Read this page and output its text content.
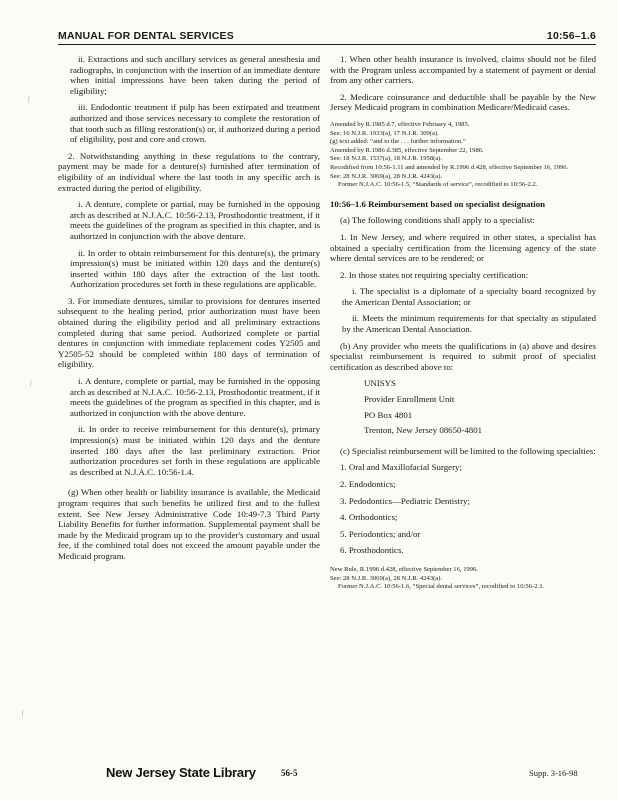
MANUAL FOR DENTAL SERVICES	10:56–1.6

ii. Extractions and such ancillary services as general anesthesia and radiographs, in conjunction with the insertion of an immediate denture when initial impressions have been taken during the period of eligibility;

iii. Endodontic treatment if pulp has been extirpated and treatment authorized and those services necessary to complete the restoration of that tooth such as filling restoration(s) or, if authorized during a period of eligibility, post and core and crown.

2. Notwithstanding anything in these regulations to the contrary, payment may be made for a denture(s) furnished after termination of eligibility of an individual where the last tooth in any specific arch is extracted during the period of eligibility.

i. A denture, complete or partial, may be furnished in the opposing arch as described at N.J.A.C. 10:56-2.13, Prosthodontic treatment, if it meets the guidelines of the program as specified in this chapter, and is authorized in conjunction with the above denture.

ii. In order to obtain reimbursement for this denture(s), the primary impression(s) must be initiated within 120 days and the denture(s) inserted within 180 days after the extraction of the last tooth. Authorization procedures set forth in these regulations are applicable.

3. For immediate dentures, similar to provisions for dentures inserted subsequent to the healing period, prior authorization must have been obtained during the eligibility period and all preliminary extractions completed during that same period. Authorized complete or partial dentures in conjunction with immediate replacement codes Y2505 and Y2505-52 should be completed within 180 days of termination of eligibility.

i. A denture, complete or partial, may be furnished in the opposing arch as described at N.J.A.C. 10:56-2.13, Prosthodontic treatment, if it meets the guidelines of the program as specified in this chapter, and is authorized in conjunction with the above denture.

ii. In order to receive reimbursement for this denture(s), primary impression(s) must be initiated within 120 days and the denture inserted 180 days after the last preliminary extraction. Prior authorization procedures set forth in these regulations are applicable as described at N.J.A.C. 10:56-1.4.

(g) When other health or liability insurance is available, the Medicaid program requires that such benefits be utilized first and to the fullest extent. See New Jersey Administrative Code 10:49-7.3 Third Party Liability Benefits for further information. Supplemental payment shall be made by the Medicaid program up to the provider's customary and usual fee, if the combined total does not exceed the amount payable under the Medicaid program.

1. When other health insurance is involved, claims should not be filed with the Program unless accompanied by a statement of payment or denial from any other carriers.

2. Medicare coinsurance and deductible shall be payable by the New Jersey Medicaid program in combination Medicare/Medicaid cases.

Amended by R.1985 d.7, effective February 4, 1985.

See: 16 N.J.R. 1933(a), 17 N.J.R. 309(a).

(g) text added: “and to the . . . further information.”

Amended by R.1986 d.385, effective September 22, 1986.

See: 18 N.J.R. 1537(a), 18 N.J.R. 1958(a).

Recodified from 10:56-1.11 and amended by R.1996 d.428, effective September 16, 1996.

See: 28 N.J.R. 3069(a), 28 N.J.R. 4243(a).

Former N.J.A.C. 10:56-1.5, “Standards of service”, recodified to 10:56-2.2.

10:56–1.6 Reimbursement based on specialist designation

(a) The following conditions shall apply to a specialist:

1. In New Jersey, and where required in other states, a specialist has obtained a specialty certification from the licensing agency of the state where dental services are to be rendered; or

2. In those states not requiring specialty certification:

i. The specialist is a diplomate of a specialty board recognized by the American Dental Association; or

ii. Meets the minimum requirements for that specialty as stipulated by the American Dental Association.

(b) Any provider who meets the qualifications in (a) above and desires specialist reimbursement is required to submit proof of specialist certification as described above to:

UNISYS
Provider Enrollment Unit
PO Box 4801
Trenton, New Jersey 08650-4801

(c) Specialist reimbursement will be limited to the following specialties:

1. Oral and Maxillofacial Surgery;

2. Endodontics;

3. Pedodontics—Pediatric Dentistry;

4. Orthodontics;

5. Periodontics; and/or

6. Prosthodontics.

New Rule, R.1996 d.428, effective September 16, 1996.

See: 28 N.J.R. 3069(a), 28 N.J.R. 4243(a).

Former N.J.A.C. 10:56-1.6, “Special dental services”, recodified to 10:56-2.3.

⁄
⁄
⁄
New Jersey State Library	56-5	Supp. 3-16-98
